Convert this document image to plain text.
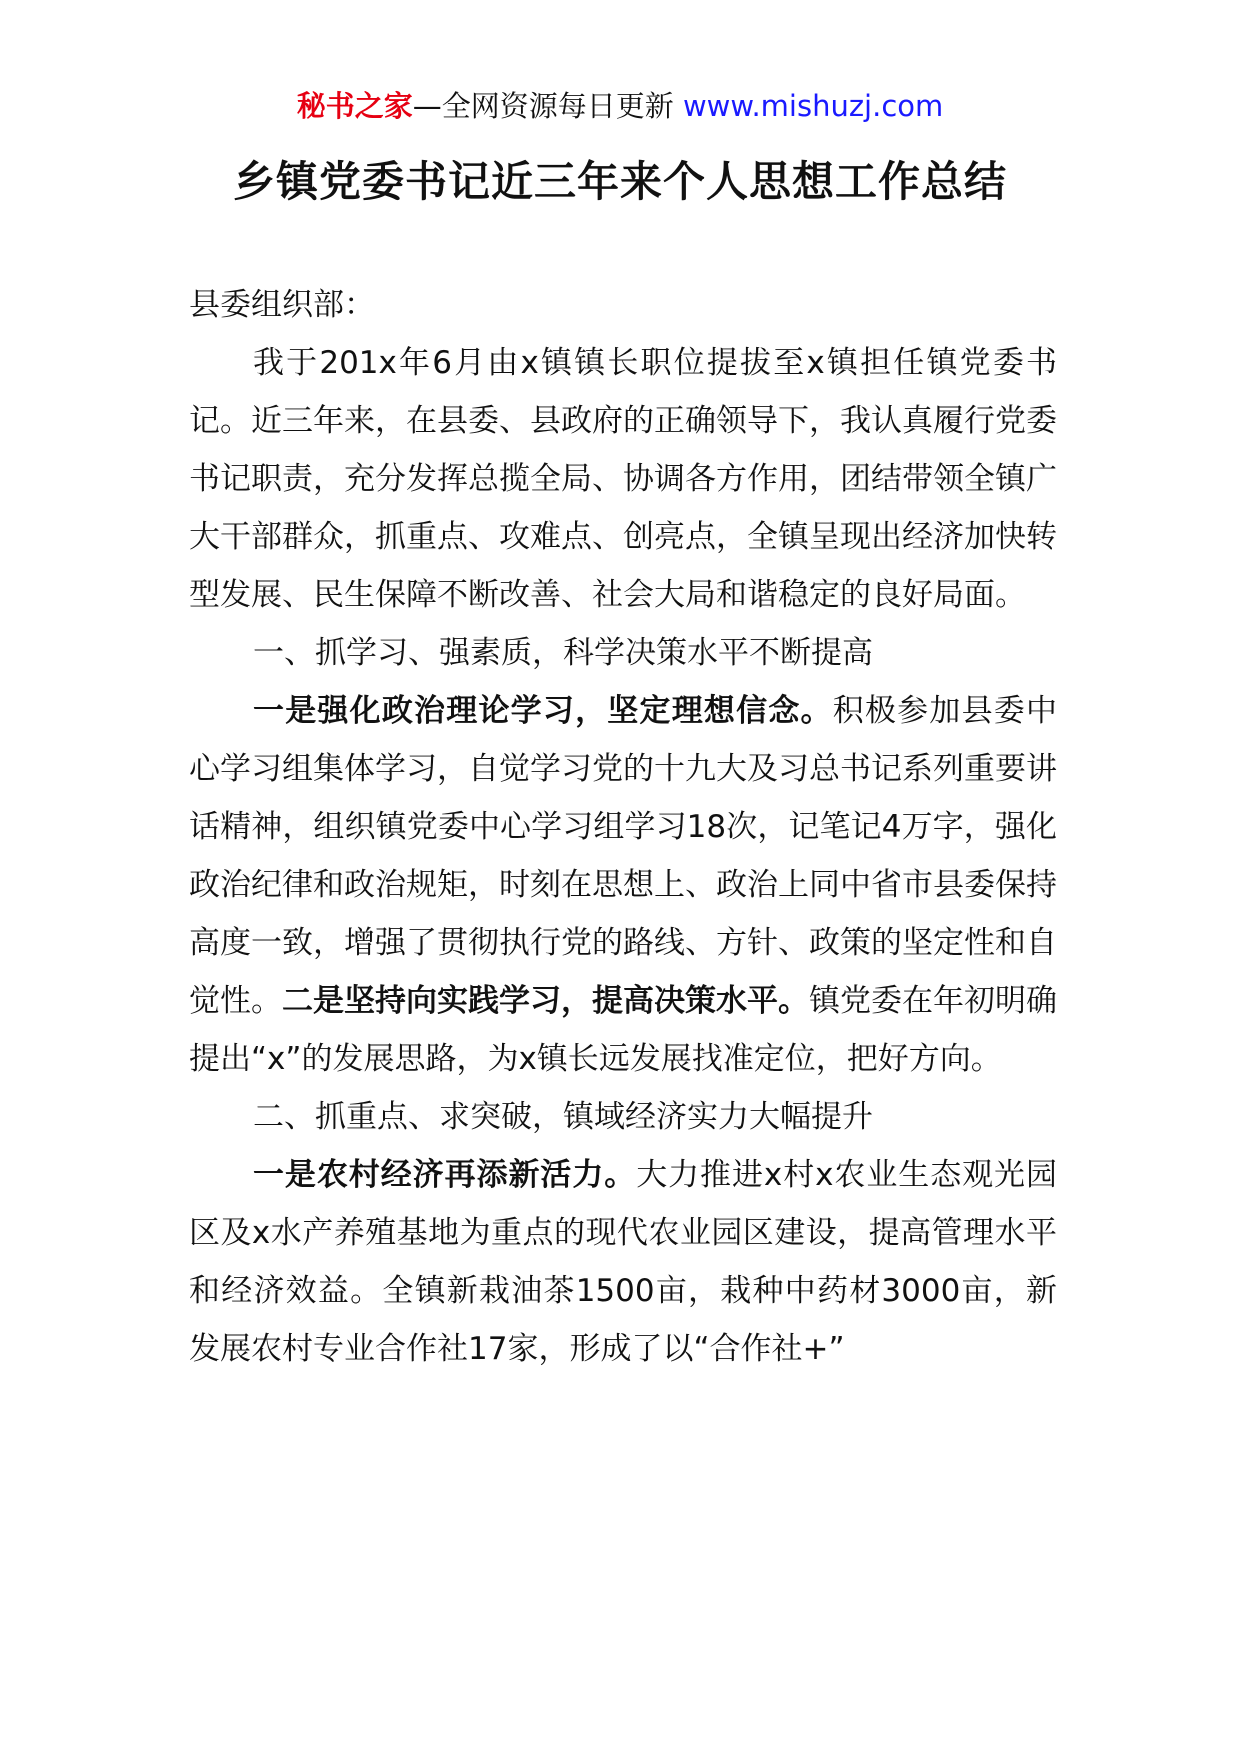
秘书之家—全网资源每日更新 www.mishuzj.com
乡镇党委书记近三年来个人思想工作总结

县委组织部：

我于201x年6月由x镇镇长职位提拔至x镇担任镇党委书记。近三年来，在县委、县政府的正确领导下，我认真履行党委书记职责，充分发挥总揽全局、协调各方作用，团结带领全镇广大干部群众，抓重点、攻难点、创亮点，全镇呈现出经济加快转型发展、民生保障不断改善、社会大局和谐稳定的良好局面。

一、抓学习、强素质，科学决策水平不断提高

一是强化政治理论学习，坚定理想信念。积极参加县委中心学习组集体学习，自觉学习党的十九大及习总书记系列重要讲话精神，组织镇党委中心学习组学习18次，记笔记4万字，强化政治纪律和政治规矩，时刻在思想上、政治上同中省市县委保持高度一致，增强了贯彻执行党的路线、方针、政策的坚定性和自觉性。二是坚持向实践学习，提高决策水平。镇党委在年初明确提出“x”的发展思路，为x镇长远发展找准定位，把好方向。

二、抓重点、求突破，镇域经济实力大幅提升

一是农村经济再添新活力。大力推进x村x农业生态观光园区及x水产养殖基地为重点的现代农业园区建设，提高管理水平和经济效益。全镇新栽油茶1500亩，栽种中药材3000亩，新发展农村专业合作社17家，形成了以“合作社+”
